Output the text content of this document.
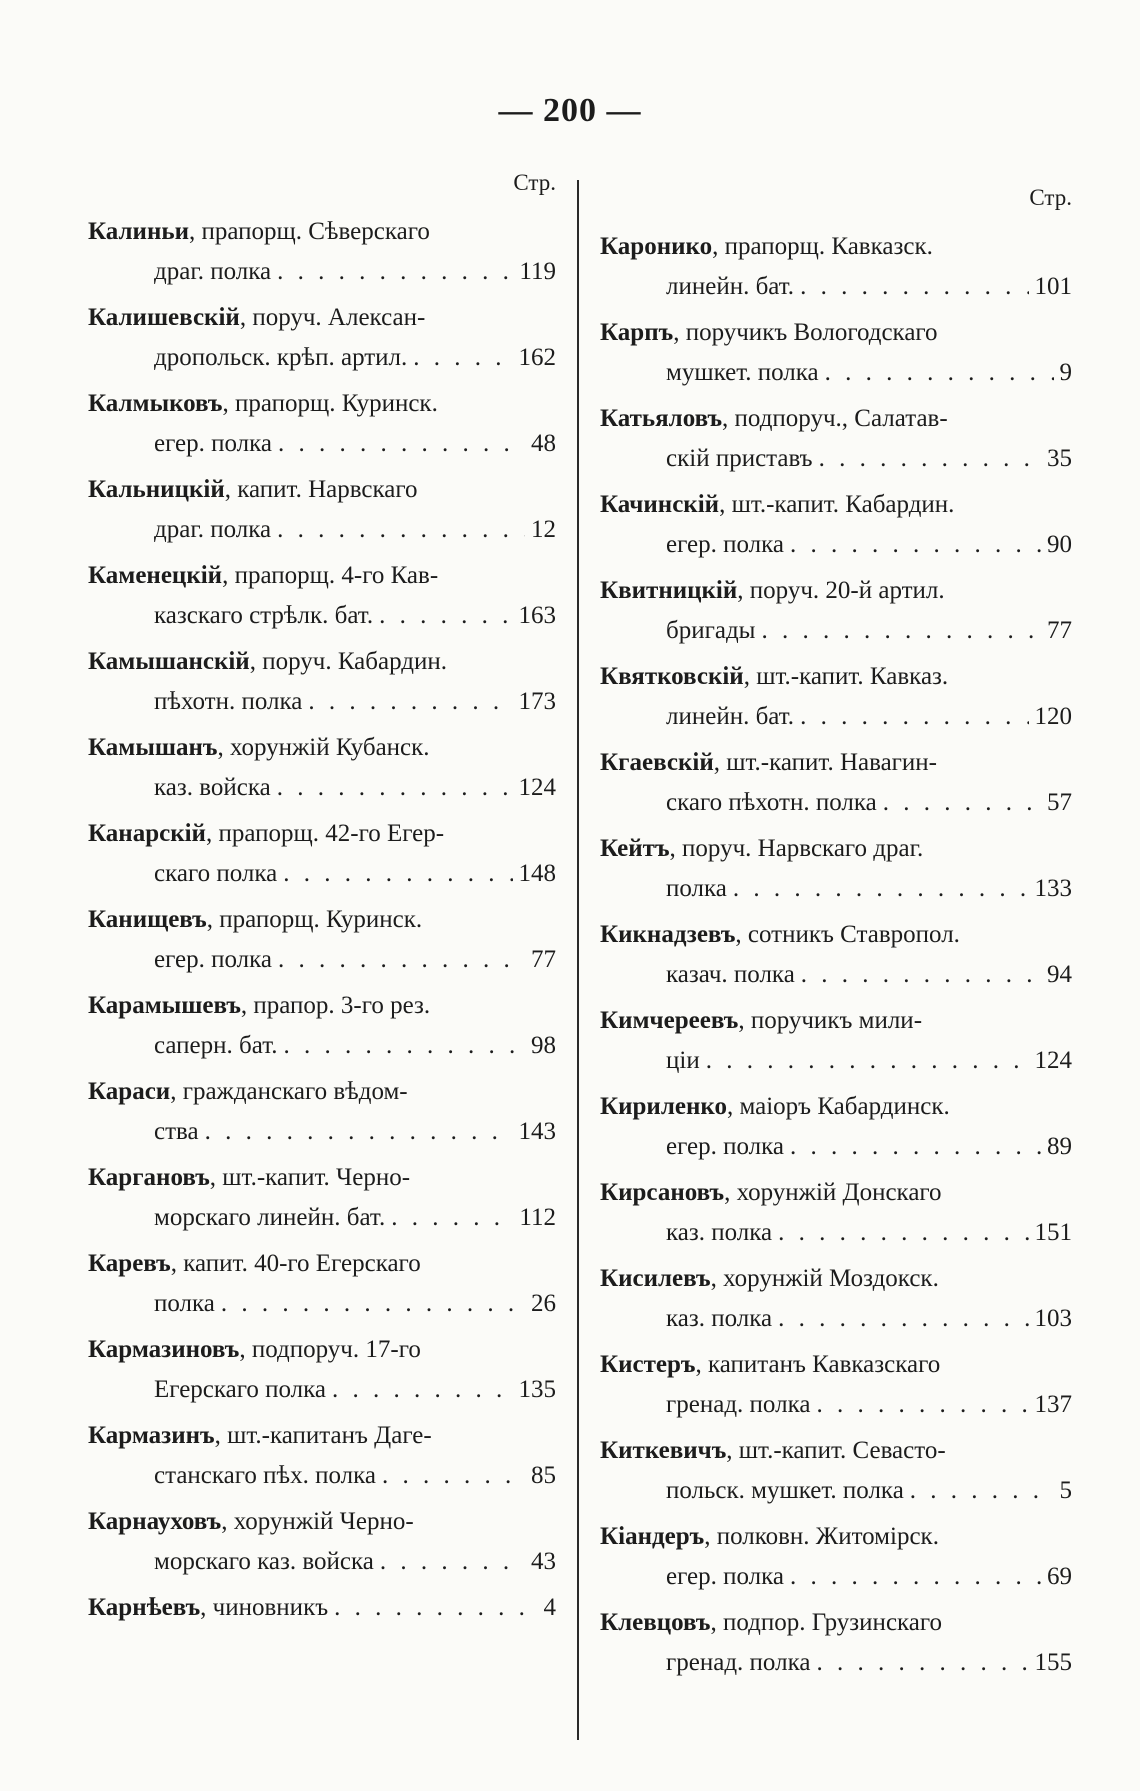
— 200 —
Стр.
Калиньи, прапорщ. Сѣверскаго
драг. полка . . .	119
Калишевскій, поруч. Алексан-
дропольск. крѣп. артил. . . .	162
Калмыковъ, прапорщ. Куринск.
егер. полка . . .	48
Кальницкій, капит. Нарвскаго
драг. полка . . .	12
Каменецкій, прапорщ. 4-го Кав-
казскаго стрѣлк. бат. . . .	163
Камышанскій, поруч. Кабардин.
пѣхотн. полка . . .	173
Камышанъ, хорунжій Кубанск.
каз. войска . . .	124
Канарскій, прапорщ. 42-го Егер-
скаго полка . . .	148
Канищевъ, прапорщ. Куринск.
егер. полка . . .	77
Карамышевъ, прапор. 3-го рез.
саперн. бат. . . .	98
Караси, гражданскаго вѣдом-
ства . . .	143
Каргановъ, шт.-капит. Черно-
морскаго линейн. бат. . . .	112
Каревъ, капит. 40-го Егерскаго
полка . . .	26
Кармазиновъ, подпоруч. 17-го
Егерскаго полка . . .	135
Кармазинъ, шт.-капитанъ Даге-
станскаго пѣх. полка . . .	85
Карнауховъ, хорунжій Черно-
морскаго каз. войска . . .	43
Карнѣевъ , чиновникъ . . .	4
Стр.
Каронико, прапорщ. Кавказск.
линейн. бат. . . .	101
Карпъ, поручикъ Вологодскаго
мушкет. полка . . .	9
Катьяловъ, подпоруч., Салатав-
скій приставъ . . .	35
Качинскій, шт.-капит. Кабардин.
егер. полка . . .	90
Квитницкій, поруч. 20-й артил.
бригады . . .	77
Квятковскій, шт.-капит. Кавказ.
линейн. бат. . . .	120
Кгаевскій, шт.-капит. Навагин-
скаго пѣхотн. полка . . .	57
Кейтъ, поруч. Нарвскаго драг.
полка . . .	133
Кикнадзевъ, сотникъ Ставропол.
казач. полка . . .	94
Кимчереевъ, поручикъ мили-
ціи . . .	124
Кириленко, маіоръ Кабардинск.
егер. полка . . .	89
Кирсановъ, хорунжій Донскаго
каз. полка . . .	151
Кисилевъ, хорунжій Моздокск.
каз. полка . . .	103
Кистеръ, капитанъ Кавказскаго
гренад. полка . . .	137
Киткевичъ, шт.-капит. Севасто-
польск. мушкет. полка . . .	5
Кіандеръ, полковн. Житомірск.
егер. полка . . .	69
Клевцовъ, подпор. Грузинскаго
гренад. полка . . .	155
